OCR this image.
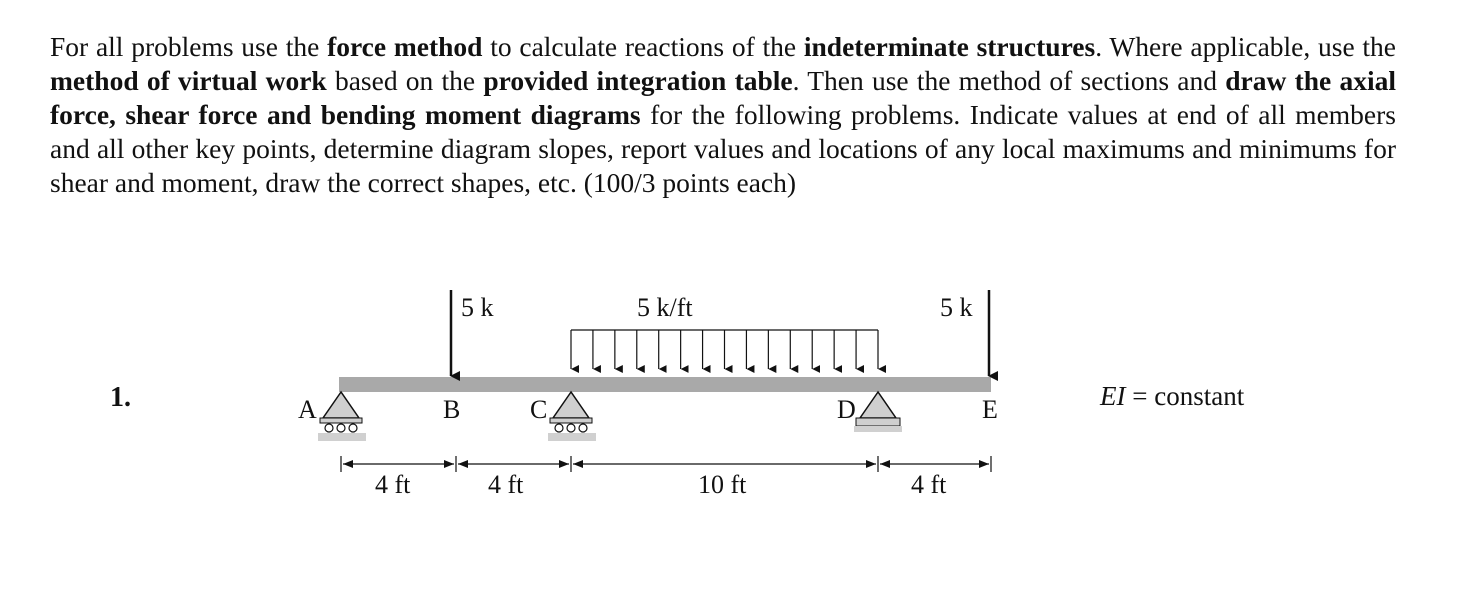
For all problems use the force method to calculate reactions of the indeterminate structures. Where applicable, use the method of virtual work based on the provided integration table. Then use the method of sections and draw the axial force, shear force and bending moment diagrams for the following problems. Indicate values at end of all members and all other key points, determine diagram slopes, report values and locations of any local maximums and minimums for shear and moment, draw the correct shapes, etc. (100/3 points each)

1.	EI = constant
5 k	5 k
5 k/ft
A	B	C	D	E
4 ft	4 ft	10 ft	4 ft
